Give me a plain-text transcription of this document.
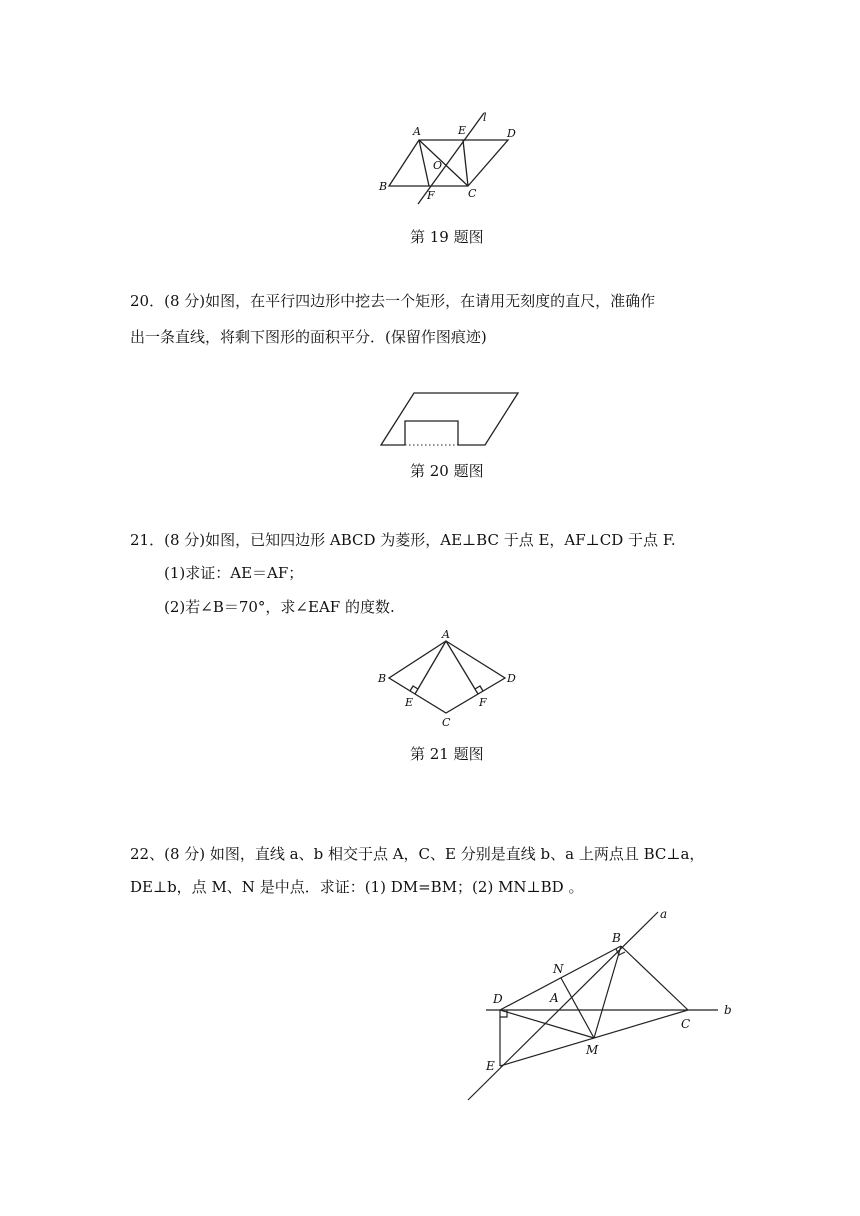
A	E
l
D
O
B
F	C
第 19 题图
20．(8 分)如图，在平行四边形中挖去一个矩形，在请用无刻度的直尺，准确作
出一条直线，将剩下图形的面积平分．(保留作图痕迹)
第 20 题图
21．(8 分)如图，已知四边形 ABCD 为菱形，AE⊥BC 于点 E，AF⊥CD 于点 F.
(1)求证：AE＝AF；
(2)若∠B＝70°，求∠EAF 的度数.
A
B	D
E	F
C
第 21 题图
22、(8 分) 如图，直线 a、b 相交于点 A，C、E 分别是直线 b、a 上两点且 BC⊥a，
DE⊥b，点 M、N 是中点．求证：(1) DM=BM；(2) MN⊥BD 。
a
b
B
N
D	A
C
M
E
